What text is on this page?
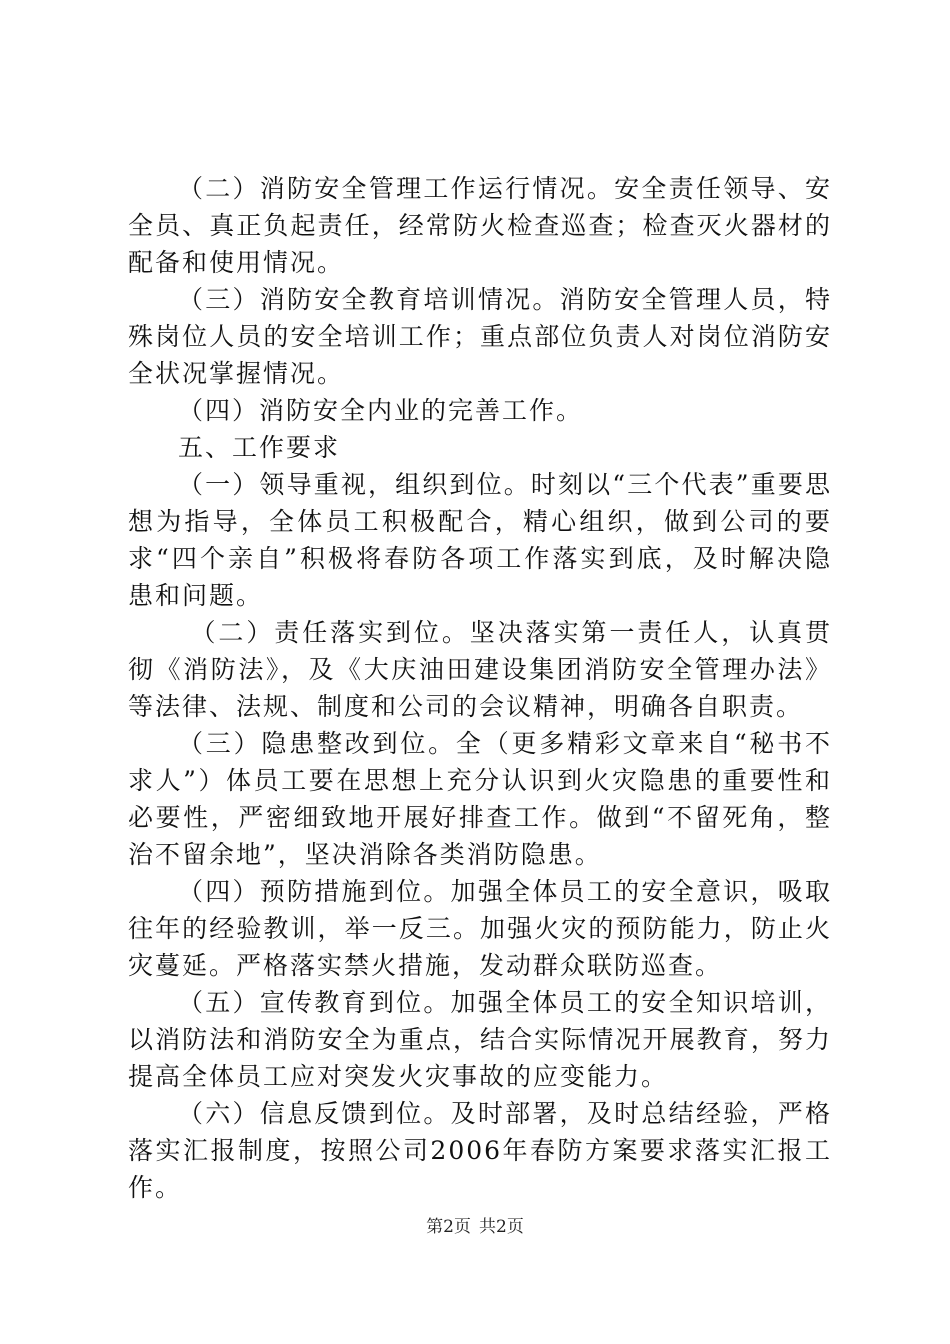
（二）消防安全管理工作运行情况。安全责任领导、安全员、真正负起责任，经常防火检查巡查；检查灭火器材的配备和使用情况。

（三）消防安全教育培训情况。消防安全管理人员，特殊岗位人员的安全培训工作；重点部位负责人对岗位消防安全状况掌握情况。

（四）消防安全内业的完善工作。

五、工作要求

（一）领导重视，组织到位。时刻以“三个代表”重要思想为指导，全体员工积极配合，精心组织，做到公司的要求“四个亲自”积极将春防各项工作落实到底，及时解决隐患和问题。

（二）责任落实到位。坚决落实第一责任人，认真贯彻《消防法》，及《大庆油田建设集团消防安全管理办法》等法律、法规、制度和公司的会议精神，明确各自职责。

（三）隐患整改到位。全（更多精彩文章来自“秘书不求人”）体员工要在思想上充分认识到火灾隐患的重要性和必要性，严密细致地开展好排查工作。做到“不留死角，整治不留余地”，坚决消除各类消防隐患。

（四）预防措施到位。加强全体员工的安全意识，吸取往年的经验教训，举一反三。加强火灾的预防能力，防止火灾蔓延。严格落实禁火措施，发动群众联防巡查。

（五）宣传教育到位。加强全体员工的安全知识培训，以消防法和消防安全为重点，结合实际情况开展教育，努力提高全体员工应对突发火灾事故的应变能力。

（六）信息反馈到位。及时部署，及时总结经验，严格落实汇报制度，按照公司2006年春防方案要求落实汇报工作。

第2页 共2页
